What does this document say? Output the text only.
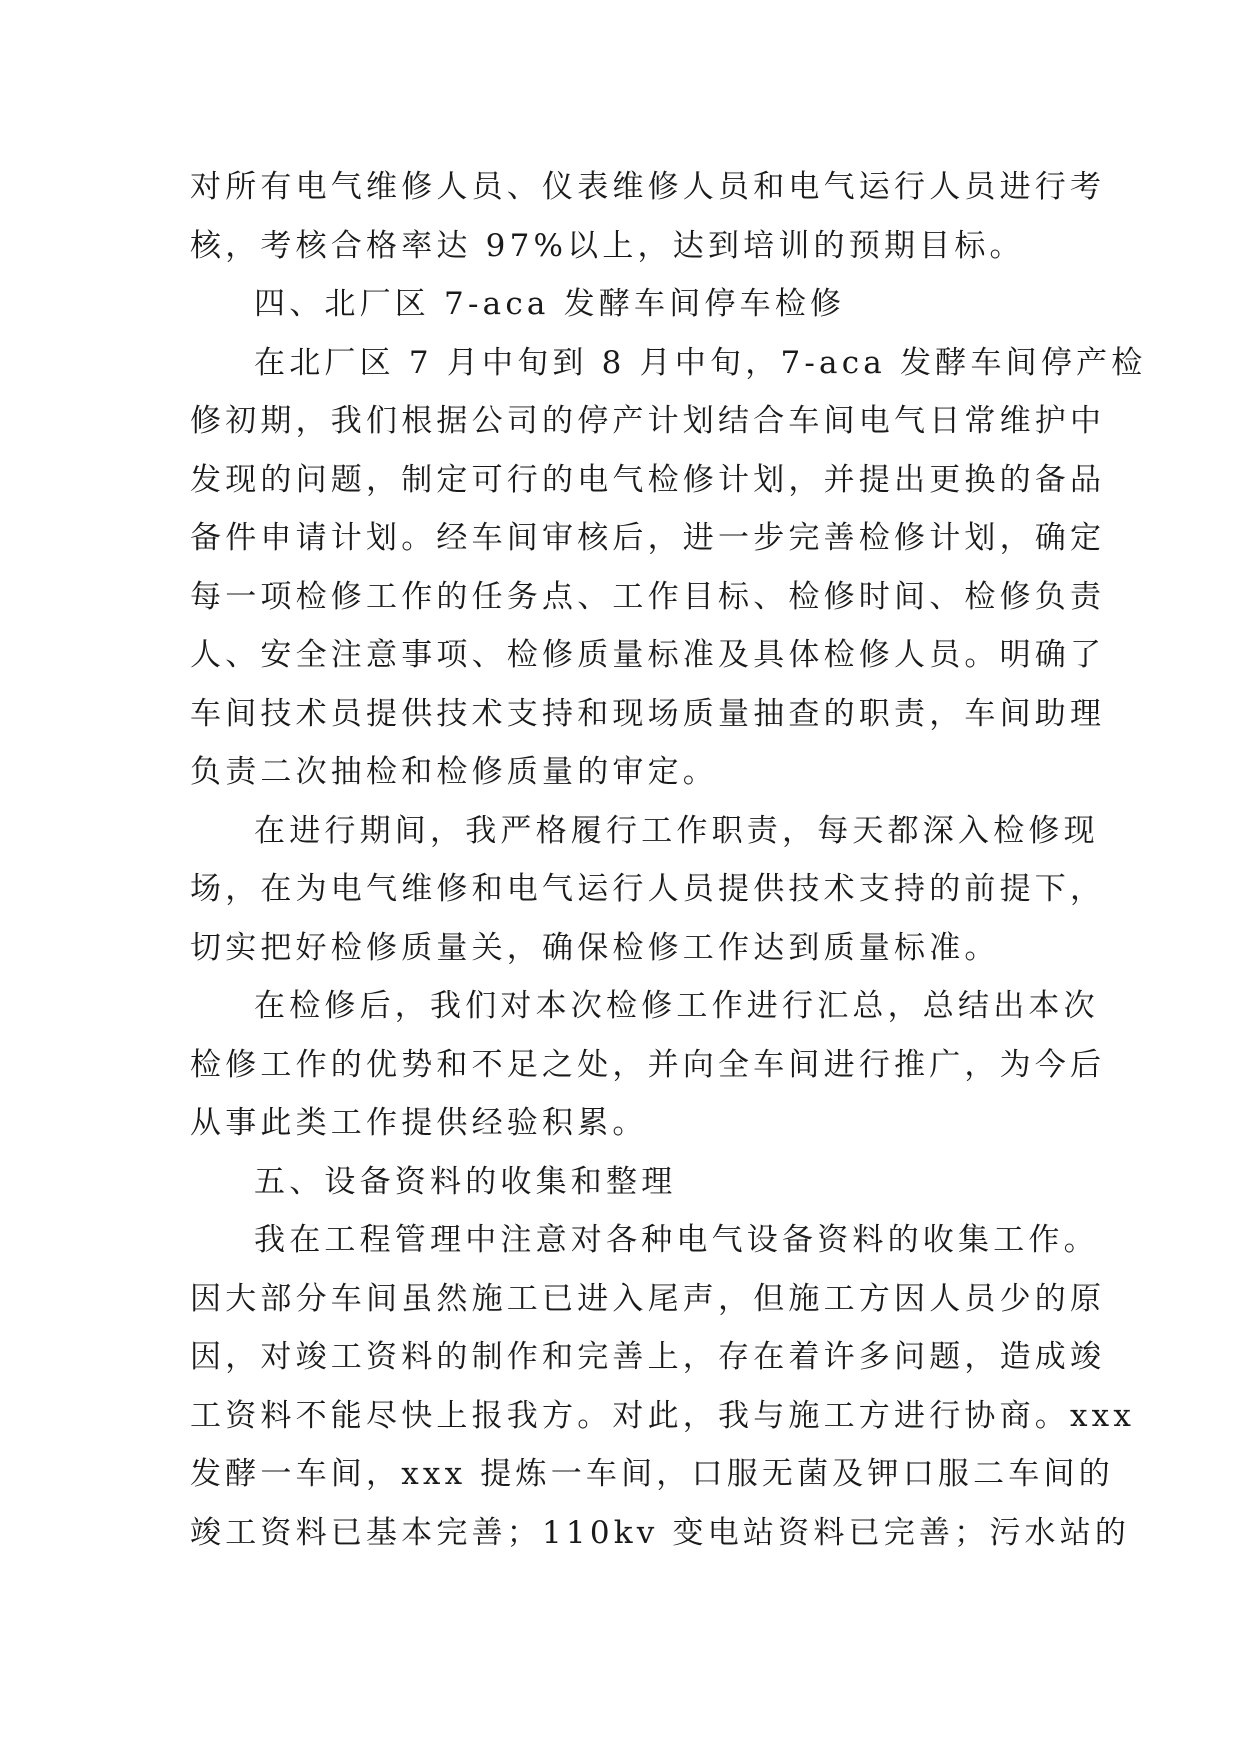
对所有电气维修人员、仪表维修人员和电气运行人员进行考
核，考核合格率达 97%以上，达到培训的预期目标。
四、北厂区 7-aca 发酵车间停车检修
在北厂区 7 月中旬到 8 月中旬，7-aca 发酵车间停产检
修初期，我们根据公司的停产计划结合车间电气日常维护中
发现的问题，制定可行的电气检修计划，并提出更换的备品
备件申请计划。经车间审核后，进一步完善检修计划，确定
每一项检修工作的任务点、工作目标、检修时间、检修负责
人、安全注意事项、检修质量标准及具体检修人员。明确了
车间技术员提供技术支持和现场质量抽查的职责，车间助理
负责二次抽检和检修质量的审定。
在进行期间，我严格履行工作职责，每天都深入检修现
场，在为电气维修和电气运行人员提供技术支持的前提下，
切实把好检修质量关，确保检修工作达到质量标准。
在检修后，我们对本次检修工作进行汇总，总结出本次
检修工作的优势和不足之处，并向全车间进行推广，为今后
从事此类工作提供经验积累。
五、设备资料的收集和整理
我在工程管理中注意对各种电气设备资料的收集工作。
因大部分车间虽然施工已进入尾声，但施工方因人员少的原
因，对竣工资料的制作和完善上，存在着许多问题，造成竣
工资料不能尽快上报我方。对此，我与施工方进行协商。xxx
发酵一车间，xxx 提炼一车间，口服无菌及钾口服二车间的
竣工资料已基本完善；110kv 变电站资料已完善；污水站的
